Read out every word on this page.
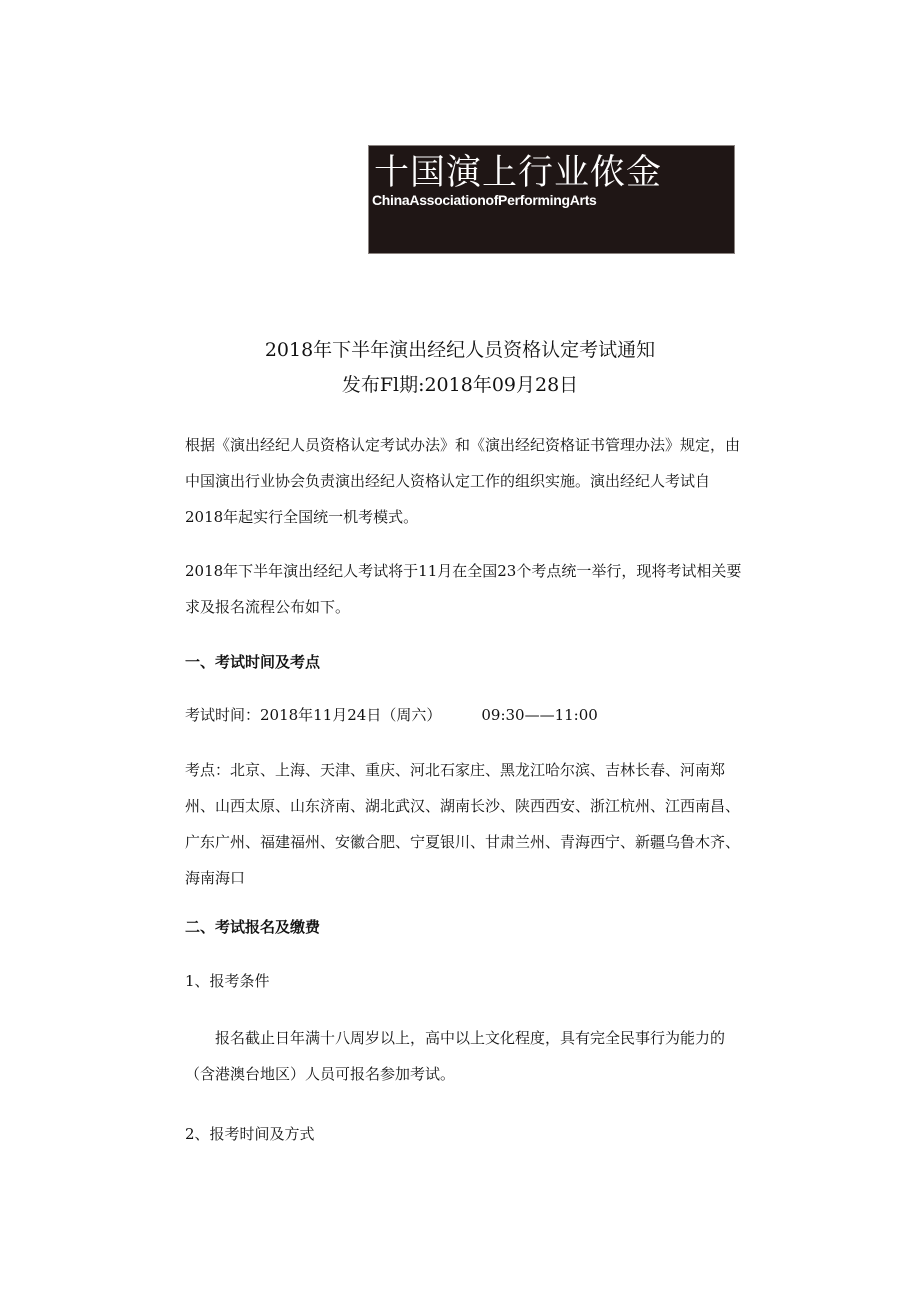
十国演上行业侬金
ChinaAssociationofPerformingArts
2018年下半年演出经纪人员资格认定考试通知
发布Fl期:2018年09月28日
根据《演出经纪人员资格认定考试办法》和《演出经纪资格证书管理办法》规定，由中国演出行业协会负责演出经纪人资格认定工作的组织实施。演出经纪人考试自2018年起实行全国统一机考模式。
2018年下半年演出经纪人考试将于11月在全国23个考点统一举行，现将考试相关要求及报名流程公布如下。
一、考试时间及考点
考试时间：2018年11月24日（周六）	09:30——11:00
考点：北京、上海、天津、重庆、河北石家庄、黑龙江哈尔滨、吉林长春、河南郑州、山西太原、山东济南、湖北武汉、湖南长沙、陕西西安、浙江杭州、江西南昌、广东广州、福建福州、安徽合肥、宁夏银川、甘肃兰州、青海西宁、新疆乌鲁木齐、海南海口
二、考试报名及缴费
1、报考条件
报名截止日年满十八周岁以上，高中以上文化程度，具有完全民事行为能力的（含港澳台地区）人员可报名参加考试。
2、报考时间及方式
